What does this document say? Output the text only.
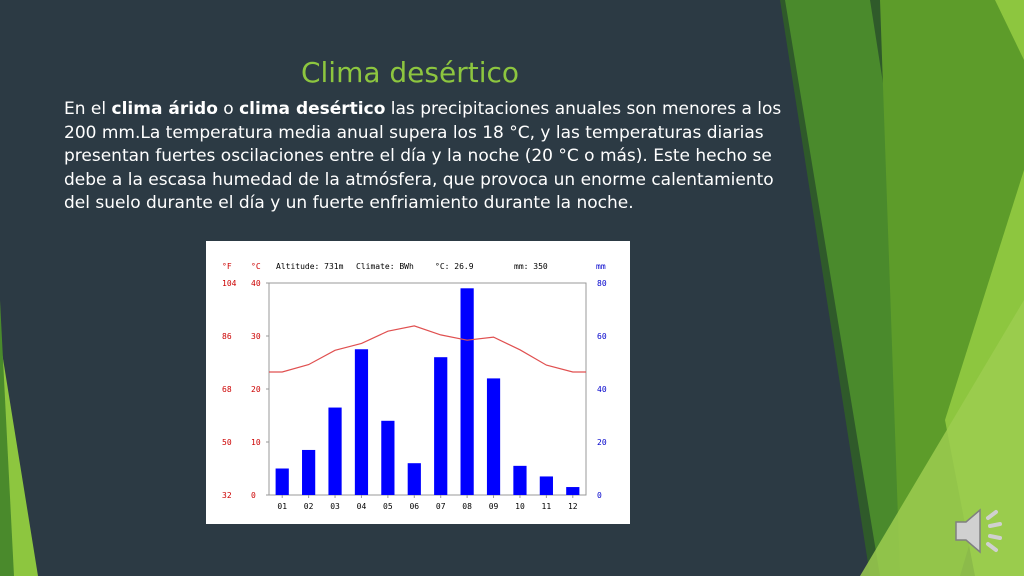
Clima desértico
En el clima árido o clima desértico las precipitaciones anuales son menores a los 200 mm.La temperatura media anual supera los 18 °C, y las temperaturas diarias presentan fuertes oscilaciones entre el día y la noche (20 °C o más). Este hecho se debe a la escasa humedad de la atmósfera, que provoca un enorme calentamiento del suelo durante el día y un fuerte enfriamiento durante la noche.
°F °C Altitude: 731m Climate: BWh	°C: 26.9	mm: 350	mm
32 0	0
50 10	20
68 20	40
86 30	60
104 40	80
01 02 03 04 05 06 07 08 09 10 11 12
